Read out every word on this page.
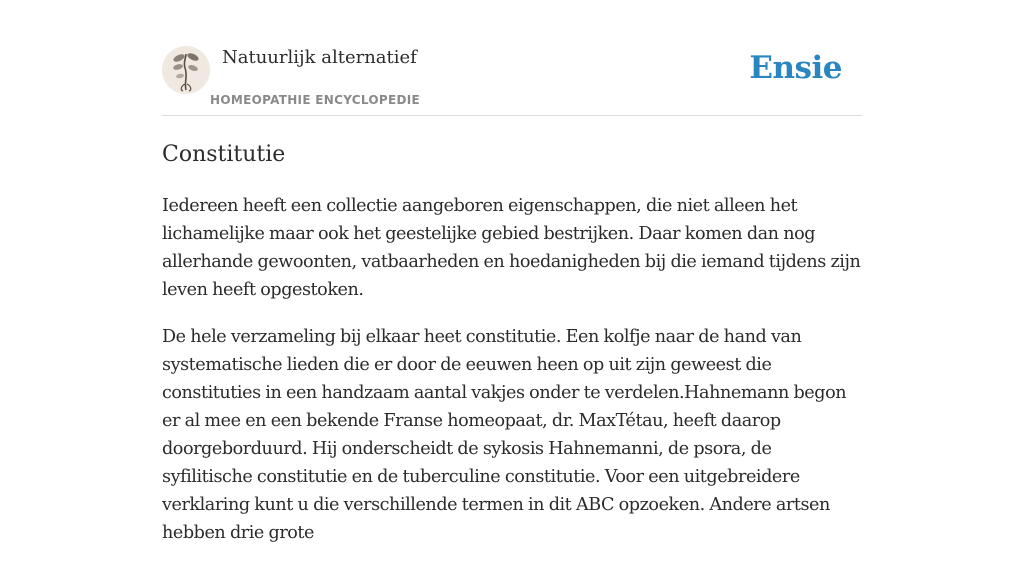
Natuurlijk alternatief
HOMEOPATHIE ENCYCLOPEDIE
Ensie
Constitutie

Iedereen heeft een collectie aangeboren eigenschappen, die niet alleen het lichamelijke maar ook het geestelijke gebied bestrijken. Daar komen dan nog allerhande gewoonten, vatbaarheden en hoedanigheden bij die iemand tijdens zijn leven heeft opgestoken.

De hele verzameling bij elkaar heet constitutie. Een kolfje naar de hand van systematische lieden die er door de eeuwen heen op uit zijn geweest die constituties in een handzaam aantal vakjes onder te verdelen.Hahnemann begon er al mee en een bekende Franse homeopaat, dr. MaxTétau, heeft daarop doorgeborduurd. Hij onderscheidt de sykosis Hahnemanni, de psora, de syfilitische constitutie en de tuberculine constitutie. Voor een uitgebreidere verklaring kunt u die verschillende termen in dit ABC opzoeken. Andere artsen hebben drie grote
